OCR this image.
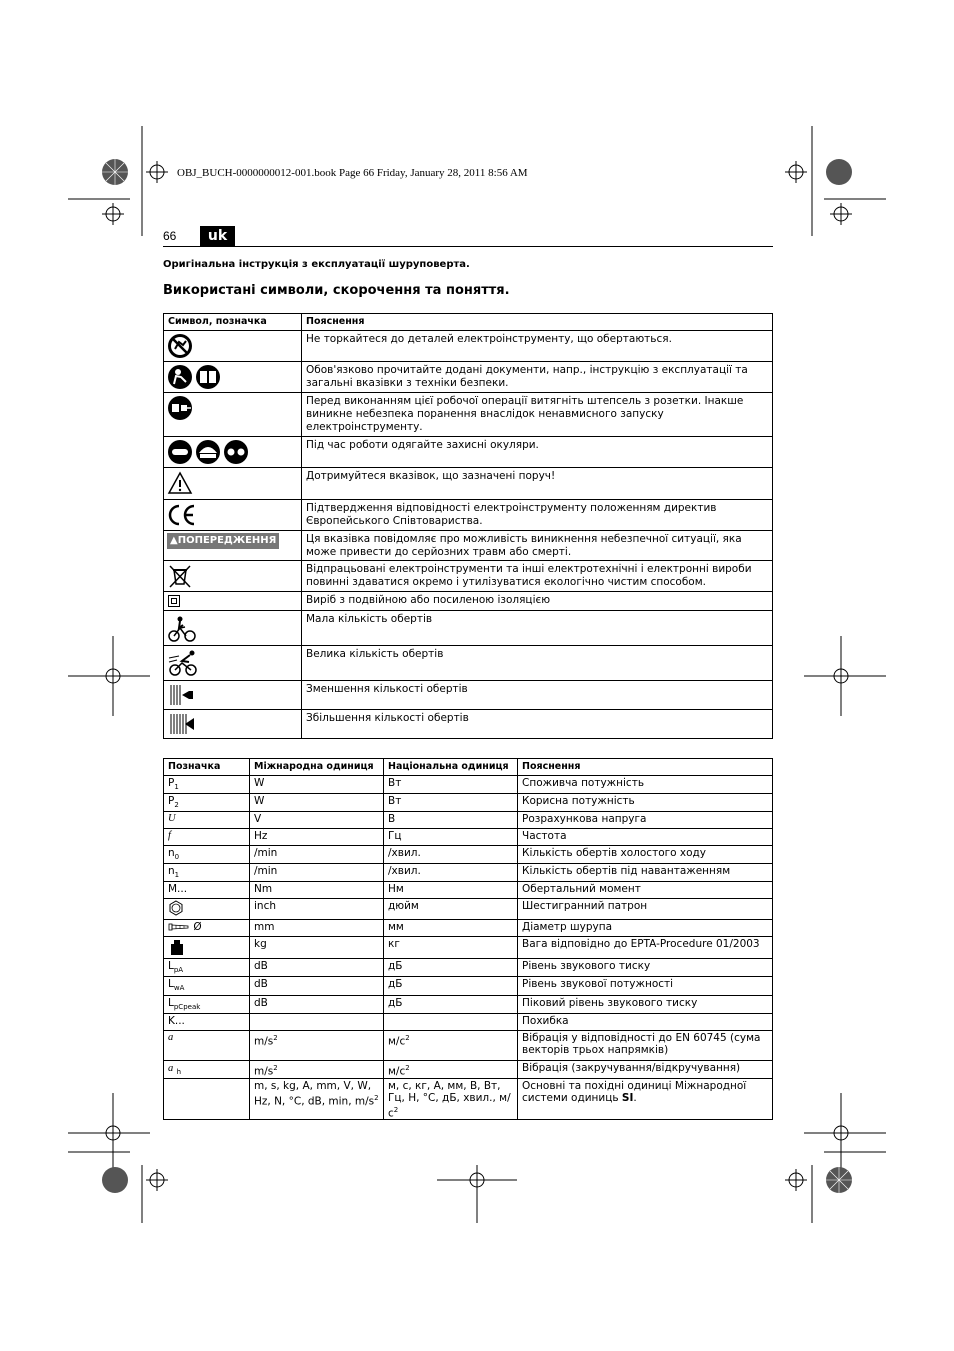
OBJ_BUCH-0000000012-001.book Page 66 Friday, January 28, 2011 8:56 AM
66	uk
Оригінальна інструкція з експлуатації шуруповерта.
Використані символи, скорочення та поняття.
Символ, позначка	Пояснення
	Не торкайтеся до деталей електроінструменту, що обертаються.
	Обов'язково прочитайте додані документи, напр., інструкцію з експлуатації та загальні вказівки з техніки безпеки.
	Перед виконанням цієї робочої операції витягніть штепсель з розетки. Інакше виникне небезпека поранення внаслідок ненавмисного запуску електроінструменту.
	Під час роботи одягайте захисні окуляри.
	Дотримуйтеся вказівок, що зазначені поруч!
	Підтвердження відповідності електроінструменту положенням директив Європейського Співтовариства.
▲ПОПЕРЕДЖЕННЯ	Ця вказівка повідомляє про можливість виникнення небезпечної ситуації, яка може привести до серйозних травм або смерті.
	Відпрацьовані електроінструменти та інші електротехнічні і електронні вироби повинні здаватися окремо і утилізуватися екологічно чистим способом.
	Виріб з подвійною або посиленою ізоляцією
	Мала кількість обертів
	Велика кількість обертів
	Зменшення кількості обертів
	Збільшення кількості обертів
Позначка	Міжнародна одиниця	Національна одиниця	Пояснення
$P_1$	W	Вт	Споживча потужність
$P_2$	W	Вт	Корисна потужність
U	V	В	Розрахункова напруга
f	Hz	Гц	Частота
$n_0$	/min	/хвил.	Кількість обертів холостого ходу
$n_1$	/min	/хвил.	Кількість обертів під навантаженням
M...	Nm	Нм	Обертальний момент
	inch	дюйм	Шестигранний патрон
Ø	mm	мм	Діаметр шурупа
	kg	кг	Вага відповідно до EPTA-Procedure 01/2003
$L_{pA}$	dB	дБ	Рівень звукового тиску
$L_{wA}$	dB	дБ	Рівень звукової потужності
$L_{pCpeak}$	dB	дБ	Піковий рівень звукового тиску
K...			Похибка
a	$m/s^2$	$м/с^2$	Вібрація у відповідності до EN 60745 (сума векторів трьох напрямків)
a $_h$	$m/s^2$	$м/с^2$	Вібрація (закручування/відкручування)
	m, s, kg, A, mm, V, W, Hz, N, °C, dB, min, $m/s^2$	м, с, кг, А, мм, В, Вт, Гц, Н, °C, дБ, хвил., $м/с^2$	Основні та похідні одиниці Міжнародної системи одиниць SI.
